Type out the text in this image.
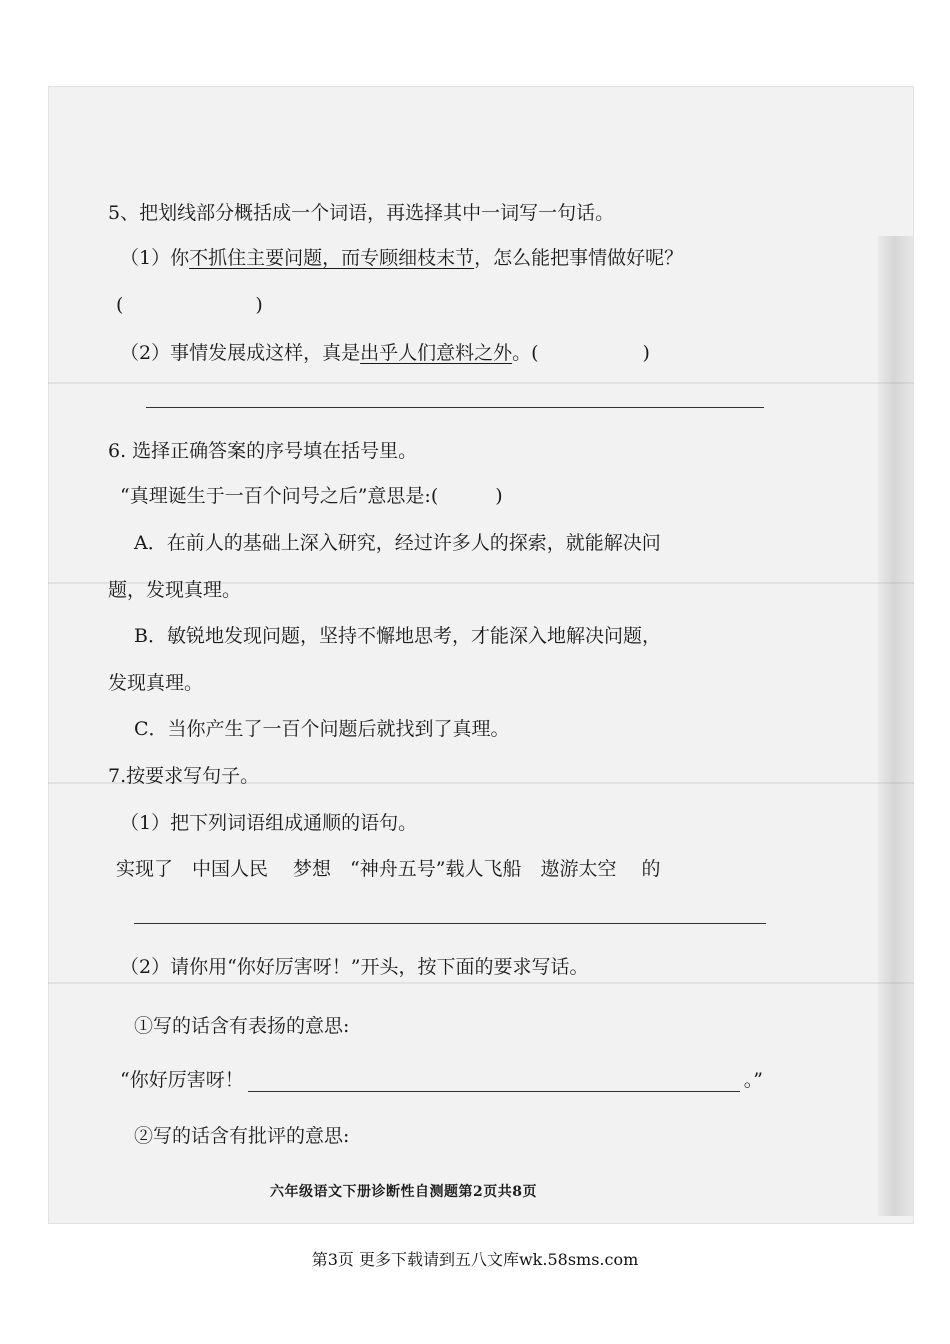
5、把划线部分概括成一个词语，再选择其中一词写一句话。
（1）你不抓住主要问题，而专顾细枝末节，怎么能把事情做好呢？
(	)
（2）事情发展成这样，真是出乎人们意料之外。(	)
6. 选择正确答案的序号填在括号里。
“真理诞生于一百个问号之后”意思是:(　　　)
A．在前人的基础上深入研究，经过许多人的探索，就能解决问
题，发现真理。
B．敏锐地发现问题，坚持不懈地思考，才能深入地解决问题，
发现真理。
C．当你产生了一百个问题后就找到了真理。
7.按要求写句子。
（1）把下列词语组成通顺的语句。
实现了　中国人民　 梦想　“神舟五号”载人飞船　遨游太空　 的
（2）请你用“你好厉害呀！”开头，按下面的要求写话。
①写的话含有表扬的意思:
“你好厉害呀！	。”
②写的话含有批评的意思:
六年级语文下册诊断性自测题第2页共8页
第3页 更多下载请到五八文库wk.58sms.com
